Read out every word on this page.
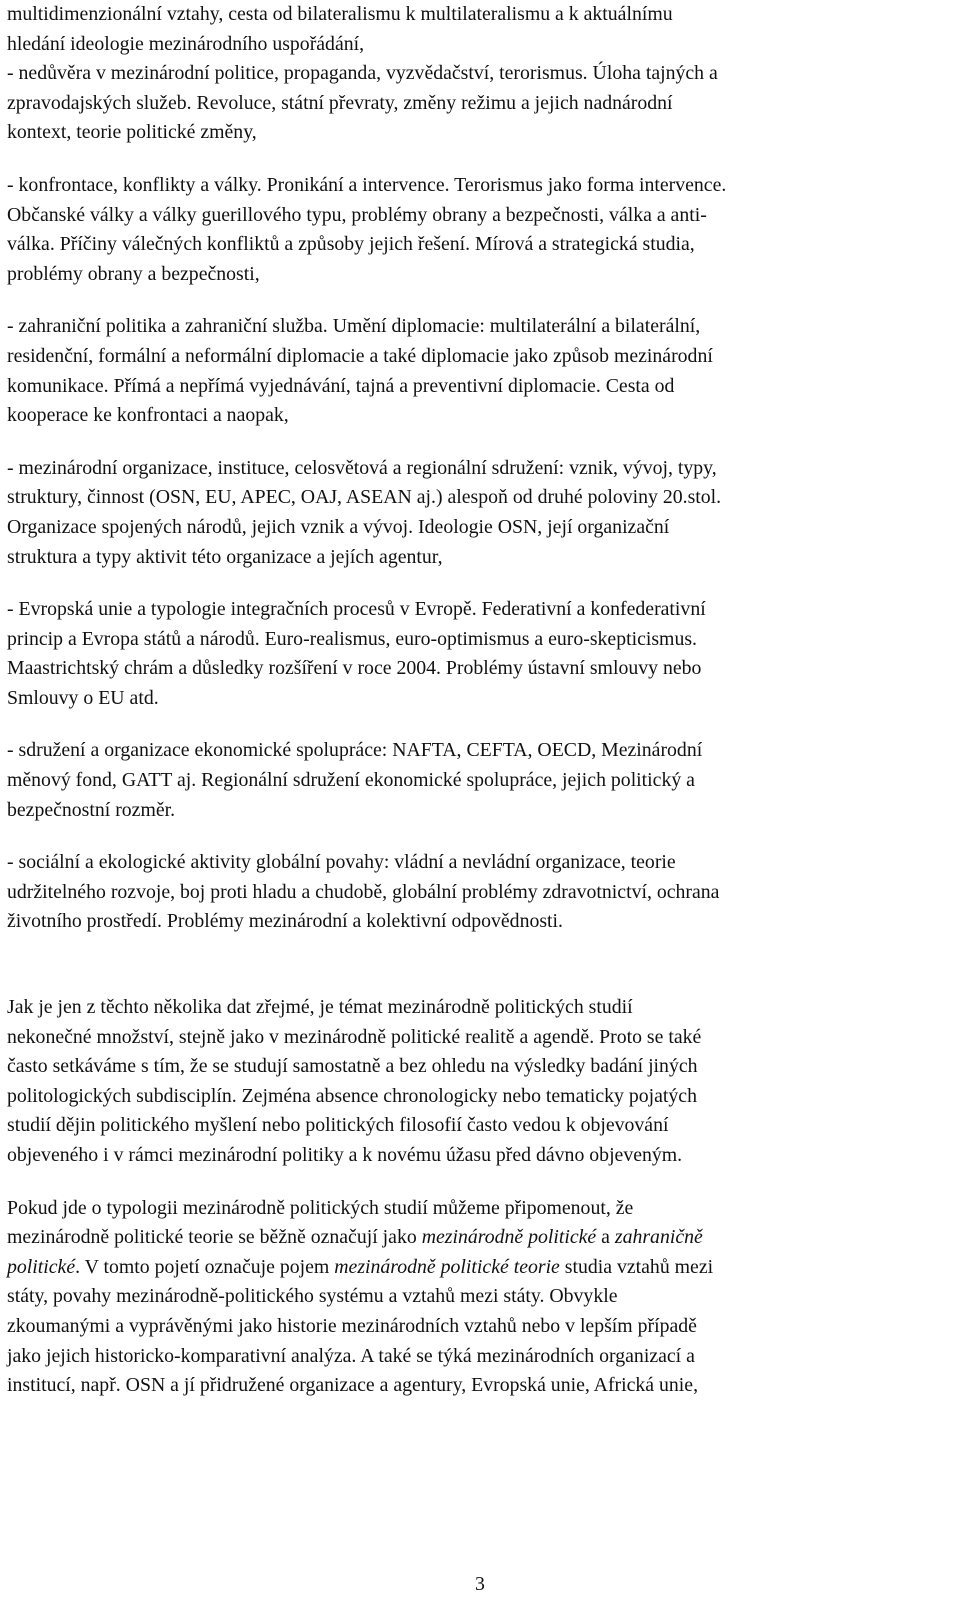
multidimenzionální vztahy, cesta od bilateralismu k multilateralismu a k aktuálnímu
hledání ideologie mezinárodního uspořádání,
- nedůvěra v mezinárodní politice, propaganda, vyzvědačství, terorismus. Úloha tajných a
zpravodajských služeb. Revoluce, státní převraty, změny režimu a jejich nadnárodní
kontext, teorie politické změny,
- konfrontace, konflikty a války. Pronikání a intervence. Terorismus jako forma intervence.
Občanské války a války guerillového typu, problémy obrany a bezpečnosti, válka a anti-
válka. Příčiny válečných konfliktů a způsoby jejich řešení. Mírová a strategická studia,
problémy obrany a bezpečnosti,
- zahraniční politika a zahraniční služba. Umění diplomacie: multilaterální a bilaterální,
residenční, formální a neformální diplomacie a také diplomacie jako způsob mezinárodní
komunikace. Přímá a nepřímá vyjednávání, tajná a preventivní diplomacie. Cesta od
kooperace ke konfrontaci a naopak,
- mezinárodní organizace, instituce, celosvětová a regionální sdružení: vznik, vývoj, typy,
struktury, činnost (OSN, EU, APEC, OAJ, ASEAN aj.) alespoň od druhé poloviny 20.stol.
Organizace spojených národů, jejich vznik a vývoj. Ideologie OSN, její organizační
struktura a typy aktivit této organizace a jejích agentur,
- Evropská unie a typologie integračních procesů v Evropě. Federativní a konfederativní
princip a Evropa států a národů. Euro-realismus, euro-optimismus a euro-skepticismus.
Maastrichtský chrám a důsledky rozšíření v roce 2004. Problémy ústavní smlouvy nebo
Smlouvy o EU atd.
- sdružení a organizace ekonomické spolupráce: NAFTA, CEFTA, OECD, Mezinárodní
měnový fond, GATT aj. Regionální sdružení ekonomické spolupráce, jejich politický a
bezpečnostní rozměr.
- sociální a ekologické aktivity globální povahy: vládní a nevládní organizace, teorie
udržitelného rozvoje, boj proti hladu a chudobě, globální problémy zdravotnictví, ochrana
životního prostředí. Problémy mezinárodní a kolektivní odpovědnosti.
Jak je jen z těchto několika dat zřejmé, je témat mezinárodně politických studií
nekonečné množství, stejně jako v mezinárodně politické realitě a agendě. Proto se také
často setkáváme s tím, že se studují samostatně a bez ohledu na výsledky badání jiných
politologických subdisciplín. Zejména absence chronologicky nebo tematicky pojatých
studií dějin politického myšlení nebo politických filosofií často vedou k objevování
objeveného i v rámci mezinárodní politiky a k novému úžasu před dávno objeveným.
Pokud jde o typologii mezinárodně politických studií můžeme připomenout, že
mezinárodně politické teorie se běžně označují jako mezinárodně politické a zahraničně
politické. V tomto pojetí označuje pojem mezinárodně politické teorie studia vztahů mezi
státy, povahy mezinárodně-politického systému a vztahů mezi státy. Obvykle
zkoumanými a vyprávěnými jako historie mezinárodních vztahů nebo v lepším případě
jako jejich historicko-komparativní analýza. A také se týká mezinárodních organizací a
institucí, např. OSN a jí přidružené organizace a agentury, Evropská unie, Africká unie,
3
